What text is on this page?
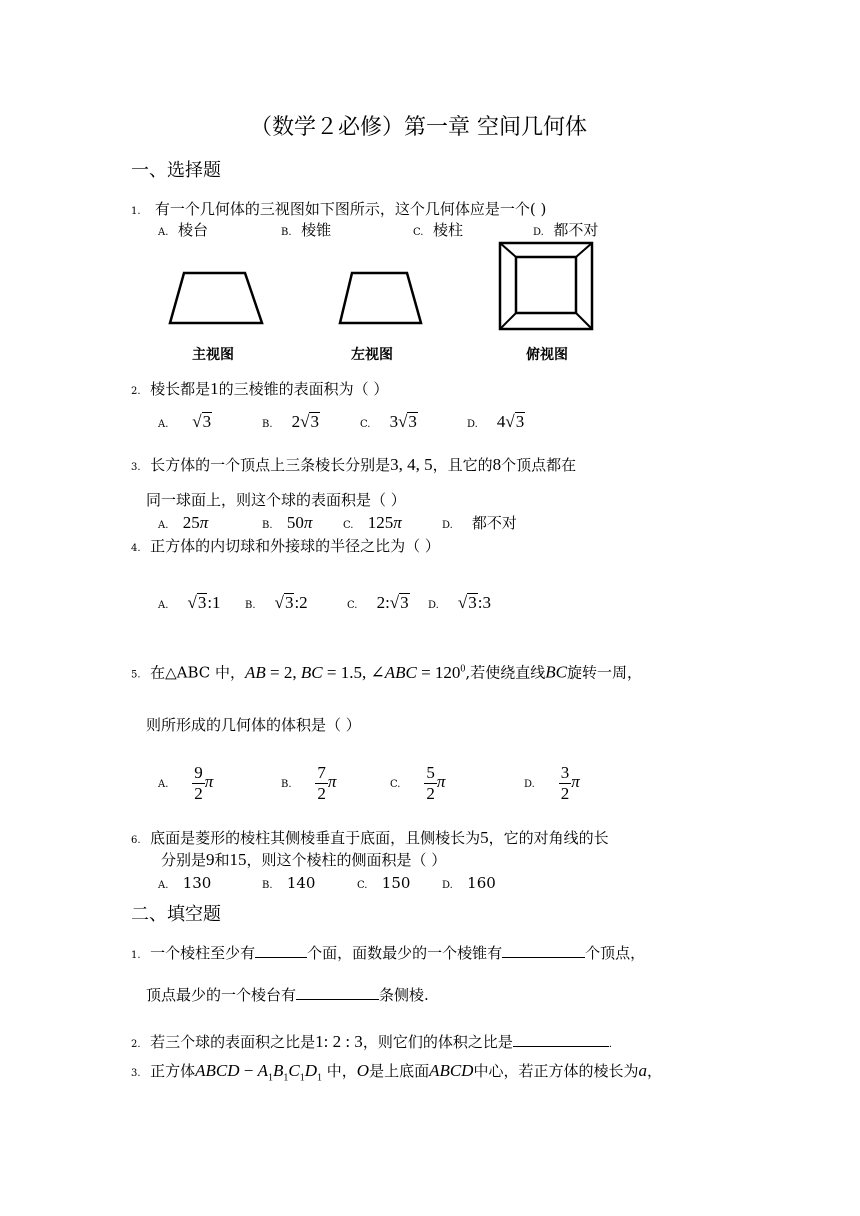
（数学２必修）第一章 空间几何体
一、选择题
1. 有一个几何体的三视图如下图所示，这个几何体应是一个( )
A. 棱台	B. 棱锥	C. 棱柱	D. 都不对
主视图	左视图	俯视图
2. 棱长都是1的三棱锥的表面积为（ ）
A. √3	B. 2√3	C. 3√3	D. 4√3
3. 长方体的一个顶点上三条棱长分别是3, 4, 5，且它的8个顶点都在
同一球面上，则这个球的表面积是（ ）
A. 25π	B. 50π	C. 125π	D. 都不对
4. 正方体的内切球和外接球的半径之比为（ ）
A. √3:1 B. √3:2	C. 2:√3 D. √3:3
5. 在△ABC 中，AB = 2, BC = 1.5, ∠ABC = $120^0$,若使绕直线BC旋转一周，
则所形成的几何体的体积是（ ）
A. $\frac{9}{2}$ π	B. $\frac{7}{2}$ π	C. $\frac{5}{2}$ π	D. $\frac{3}{2}$ π
6. 底面是菱形的棱柱其侧棱垂直于底面，且侧棱长为5，它的对角线的长
分别是9和15，则这个棱柱的侧面积是（ ）
A. 130	B. 140	C. 150	D. 160
二、填空题
1. 一个棱柱至少有	个面，面数最少的一个棱锥有	个顶点，
顶点最少的一个棱台有	条侧棱.
2. 若三个球的表面积之比是1: 2 : 3，则它们的体积之比是	.
3. 正方体ABCD − $A_1B_1C_1D_1$ 中，O是上底面ABCD中心，若正方体的棱长为a，
